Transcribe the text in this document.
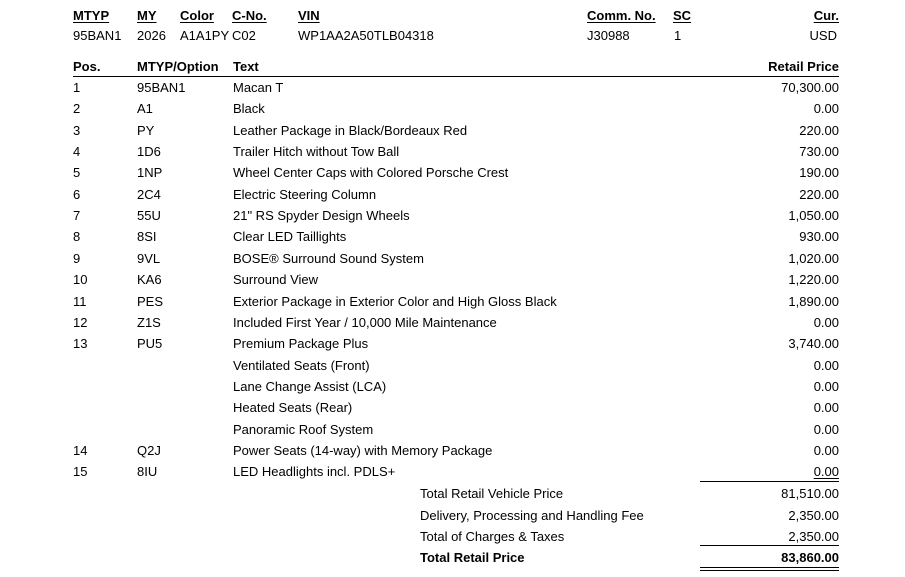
MTYP MY Color C-No. VIN	Comm. No. SC	Cur.
95BAN1 2026 A1A1PY C02	WP1AA2A50TLB04318	J30988	1	USD
Pos.	MTYP/Option Text	Retail Price
1	95BAN1	Macan T	70,300.00
2	A1	Black	0.00
3	PY	Leather Package in Black/Bordeaux Red	220.00
4	1D6	Trailer Hitch without Tow Ball	730.00
5	1NP	Wheel Center Caps with Colored Porsche Crest	190.00
6	2C4	Electric Steering Column	220.00
7	55U	21" RS Spyder Design Wheels	1,050.00
8	8SI	Clear LED Taillights	930.00
9	9VL	BOSE® Surround Sound System	1,020.00
10	KA6	Surround View	1,220.00
11	PES	Exterior Package in Exterior Color and High Gloss Black	1,890.00
12	Z1S	Included First Year / 10,000 Mile Maintenance	0.00
13	PU5	Premium Package Plus	3,740.00
Ventilated Seats (Front)	0.00
Lane Change Assist (LCA)	0.00
Heated Seats (Rear)	0.00
Panoramic Roof System	0.00
14	Q2J	Power Seats (14-way) with Memory Package	0.00
15	8IU	LED Headlights incl. PDLS+	0.00
Total Retail Vehicle Price	81,510.00
Delivery, Processing and Handling Fee	2,350.00
Total of Charges & Taxes	2,350.00
Total Retail Price	83,860.00
